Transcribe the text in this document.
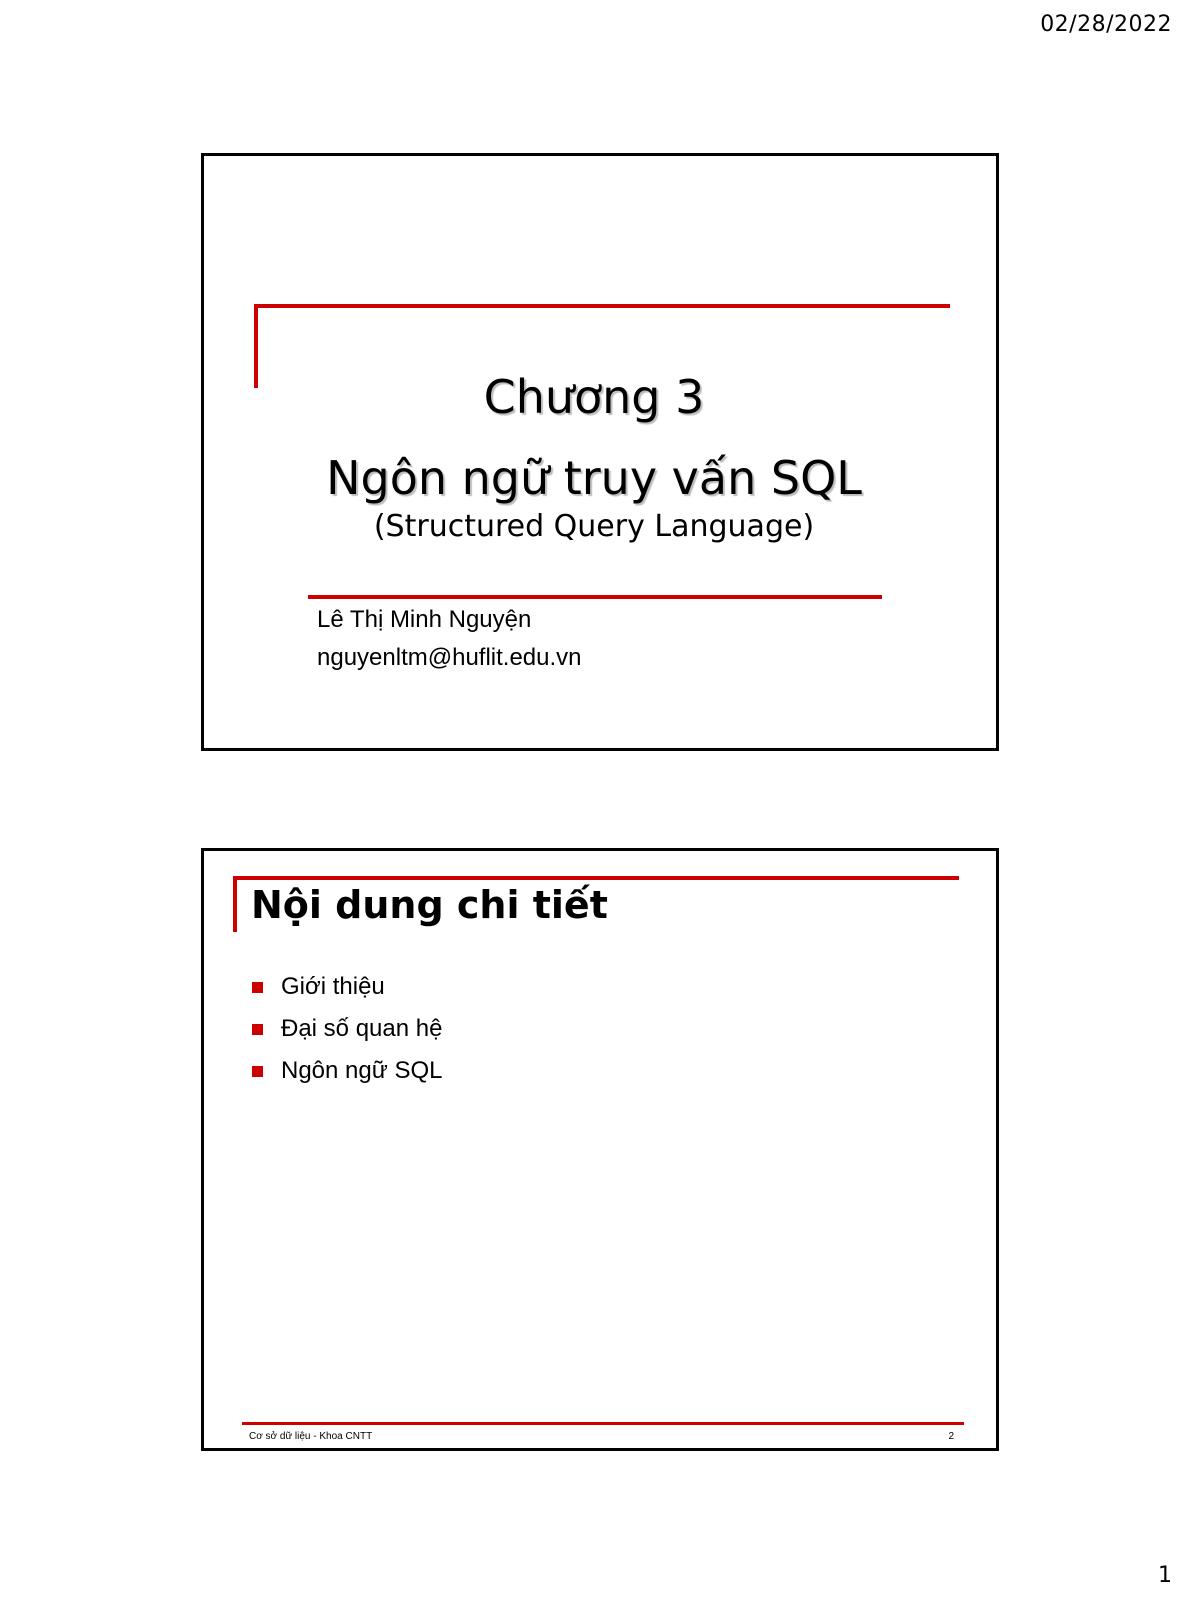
02/28/2022
Chương 3
Ngôn ngữ truy vấn SQL
(Structured Query Language)
Lê Thị Minh Nguyện
nguyenltm@huflit.edu.vn
Nội dung chi tiết
Giới thiệu
Đại số quan hệ
Ngôn ngữ SQL
Cơ sở dữ liệu - Khoa CNTT	2
1
